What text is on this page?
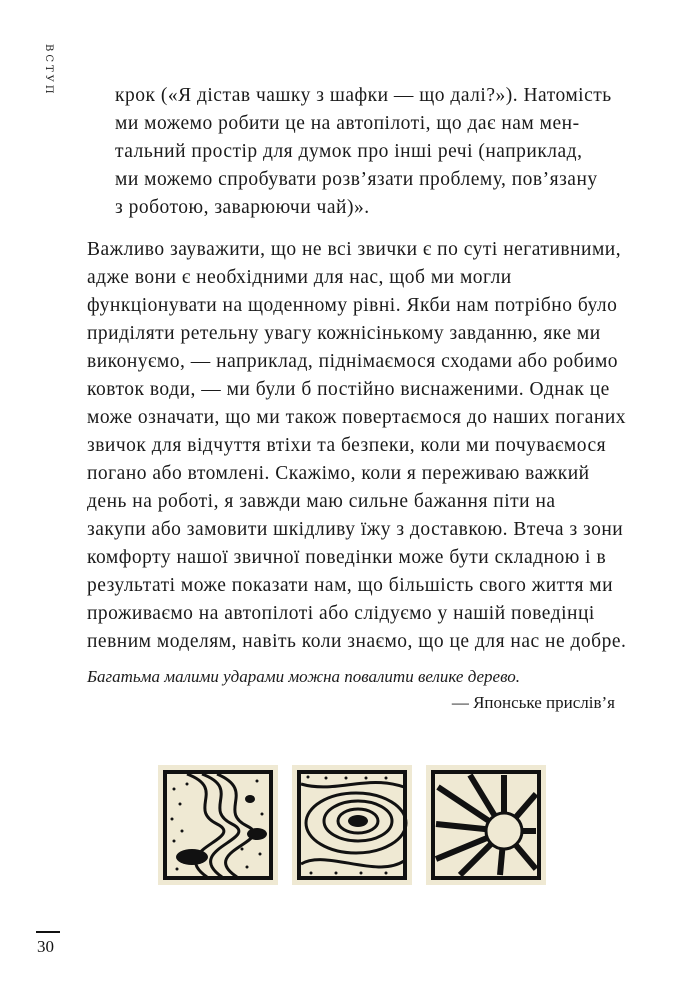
ВСТУП	крок («Я дістав чашку з шафки — що далі?»). Натомість
ми можемо робити це на автопілоті, що дає нам мен-
тальний простір для думок про інші речі (наприклад,
ми можемо спробувати розв’язати проблему, пов’язану
з роботою, заварюючи чай)».
Важливо зауважити, що не всі звички є по суті негативними,
адже вони є необхідними для нас, щоб ми могли
функціонувати на щоденному рівні. Якби нам потрібно було
приділяти ретельну увагу кожнісінькому завданню, яке ми
виконуємо, — наприклад, піднімаємося сходами або робимо
ковток води, — ми були б постійно виснаженими. Однак це
може означати, що ми також повертаємося до наших поганих
звичок для відчуття втіхи та безпеки, коли ми почуваємося
погано або втомлені. Скажімо, коли я переживаю важкий
день на роботі, я завжди маю сильне бажання піти на
закупи або замовити шкідливу їжу з доставкою. Втеча з зони
комфорту нашої звичної поведінки може бути складною і в
результаті може показати нам, що більшість свого життя ми
проживаємо на автопілоті або слідуємо у нашій поведінці
певним моделям, навіть коли знаємо, що це для нас не добре.
Багатьма малими ударами можна повалити велике дерево.
— Японське прислів’я
30
